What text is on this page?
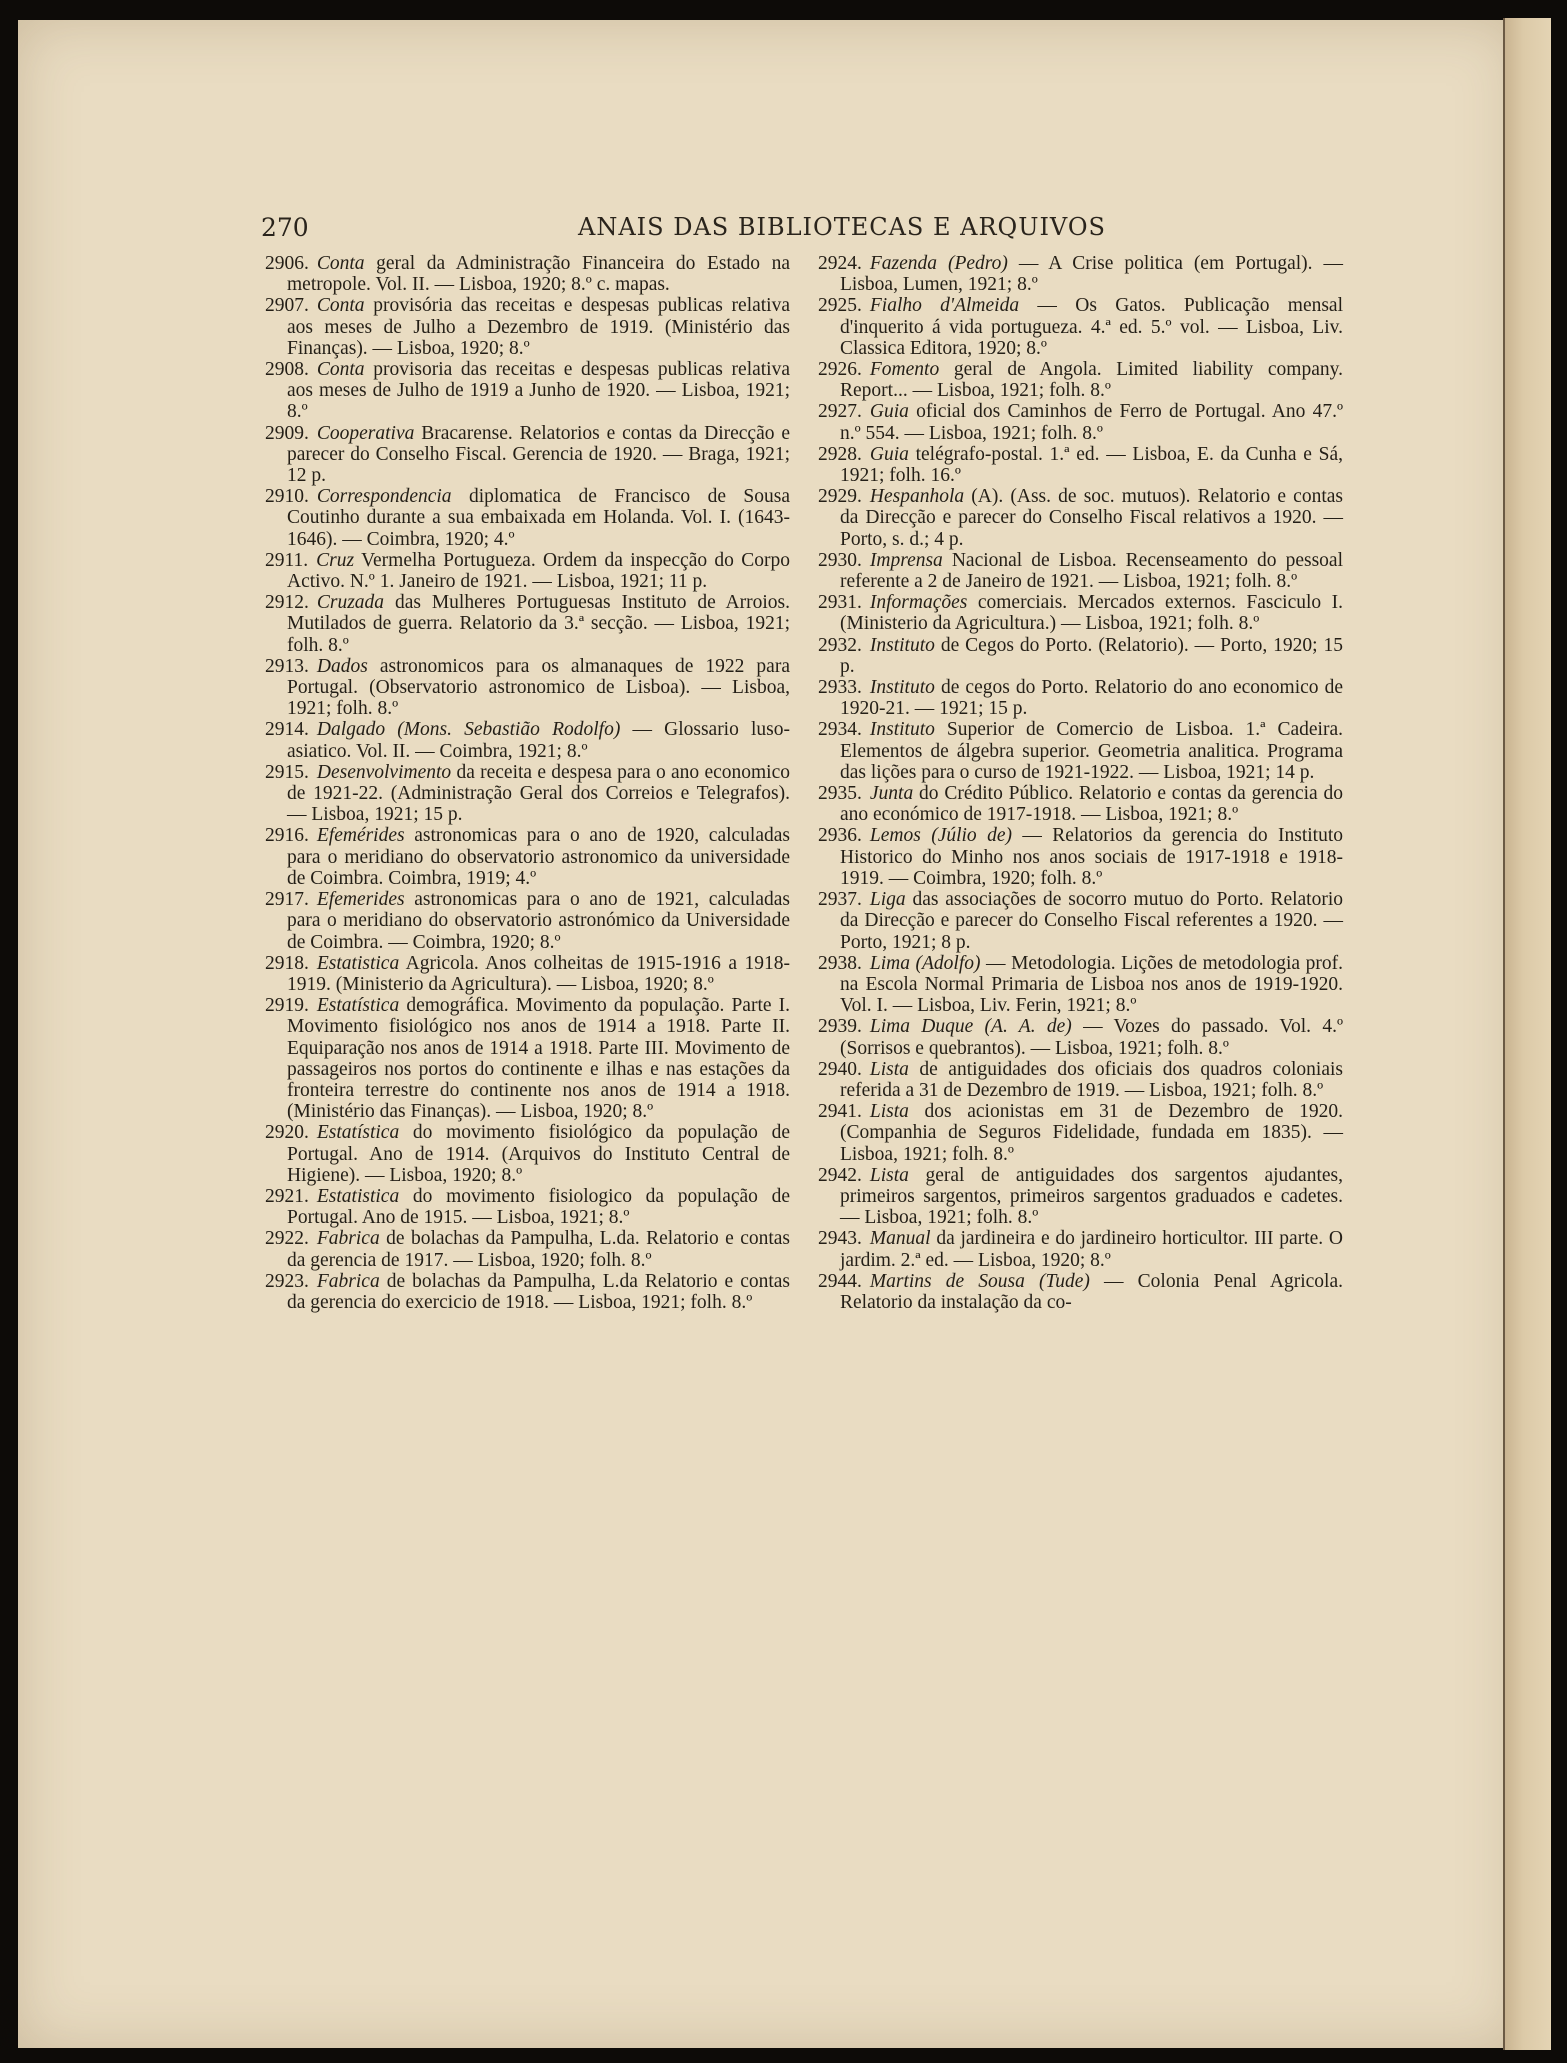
270	ANAIS DAS BIBLIOTECAS E ARQUIVOS

2906. Conta geral da Administração Financeira do Estado na metropole. Vol. II. — Lisboa, 1920; 8.º c. mapas.

2907. Conta provisória das receitas e despesas publicas relativa aos meses de Julho a Dezembro de 1919. (Ministério das Finanças). — Lisboa, 1920; 8.º

2908. Conta provisoria das receitas e despesas publicas relativa aos meses de Julho de 1919 a Junho de 1920. — Lisboa, 1921; 8.º

2909. Cooperativa Bracarense. Relatorios e contas da Direcção e parecer do Conselho Fiscal. Gerencia de 1920. — Braga, 1921; 12 p.

2910. Correspondencia diplomatica de Francisco de Sousa Coutinho durante a sua embaixada em Holanda. Vol. I. (1643-1646). — Coimbra, 1920; 4.º

2911. Cruz Vermelha Portugueza. Ordem da inspecção do Corpo Activo. N.º 1. Janeiro de 1921. — Lisboa, 1921; 11 p.

2912. Cruzada das Mulheres Portuguesas Instituto de Arroios. Mutilados de guerra. Relatorio da 3.ª secção. — Lisboa, 1921; folh. 8.º

2913. Dados astronomicos para os almanaques de 1922 para Portugal. (Observatorio astronomico de Lisboa). — Lisboa, 1921; folh. 8.º

2914. Dalgado (Mons. Sebastião Rodolfo) — Glossario luso-asiatico. Vol. II. — Coimbra, 1921; 8.º

2915. Desenvolvimento da receita e despesa para o ano economico de 1921-22. (Administração Geral dos Correios e Telegrafos). — Lisboa, 1921; 15 p.

2916. Efemérides astronomicas para o ano de 1920, calculadas para o meridiano do observatorio astronomico da universidade de Coimbra. Coimbra, 1919; 4.º

2917. Efemerides astronomicas para o ano de 1921, calculadas para o meridiano do observatorio astronómico da Universidade de Coimbra. — Coimbra, 1920; 8.º

2918. Estatistica Agricola. Anos colheitas de 1915-1916 a 1918-1919. (Ministerio da Agricultura). — Lisboa, 1920; 8.º

2919. Estatística demográfica. Movimento da população. Parte I. Movimento fisiológico nos anos de 1914 a 1918. Parte II. Equiparação nos anos de 1914 a 1918. Parte III. Movimento de passageiros nos portos do continente e ilhas e nas estações da fronteira terrestre do continente nos anos de 1914 a 1918. (Ministério das Finanças). — Lisboa, 1920; 8.º

2920. Estatística do movimento fisiológico da população de Portugal. Ano de 1914. (Arquivos do Instituto Central de Higiene). — Lisboa, 1920; 8.º

2921. Estatistica do movimento fisiologico da população de Portugal. Ano de 1915. — Lisboa, 1921; 8.º

2922. Fabrica de bolachas da Pampulha, L.da. Relatorio e contas da gerencia de 1917. — Lisboa, 1920; folh. 8.º

2923. Fabrica de bolachas da Pampulha, L.da Relatorio e contas da gerencia do exercicio de 1918. — Lisboa, 1921; folh. 8.º

2924. Fazenda (Pedro) — A Crise politica (em Portugal). — Lisboa, Lumen, 1921; 8.º

2925. Fialho d'Almeida — Os Gatos. Publicação mensal d'inquerito á vida portugueza. 4.ª ed. 5.º vol. — Lisboa, Liv. Classica Editora, 1920; 8.º

2926. Fomento geral de Angola. Limited liability company. Report... — Lisboa, 1921; folh. 8.º

2927. Guia oficial dos Caminhos de Ferro de Portugal. Ano 47.º n.º 554. — Lisboa, 1921; folh. 8.º

2928. Guia telégrafo-postal. 1.ª ed. — Lisboa, E. da Cunha e Sá, 1921; folh. 16.º

2929. Hespanhola (A). (Ass. de soc. mutuos). Relatorio e contas da Direcção e parecer do Conselho Fiscal relativos a 1920. — Porto, s. d.; 4 p.

2930. Imprensa Nacional de Lisboa. Recenseamento do pessoal referente a 2 de Janeiro de 1921. — Lisboa, 1921; folh. 8.º

2931. Informações comerciais. Mercados externos. Fasciculo I. (Ministerio da Agricultura.) — Lisboa, 1921; folh. 8.º

2932. Instituto de Cegos do Porto. (Relatorio). — Porto, 1920; 15 p.

2933. Instituto de cegos do Porto. Relatorio do ano economico de 1920-21. — 1921; 15 p.

2934. Instituto Superior de Comercio de Lisboa. 1.ª Cadeira. Elementos de álgebra superior. Geometria analitica. Programa das lições para o curso de 1921-1922. — Lisboa, 1921; 14 p.

2935. Junta do Crédito Público. Relatorio e contas da gerencia do ano económico de 1917-1918. — Lisboa, 1921; 8.º

2936. Lemos (Júlio de) — Relatorios da gerencia do Instituto Historico do Minho nos anos sociais de 1917-1918 e 1918-1919. — Coimbra, 1920; folh. 8.º

2937. Liga das associações de socorro mutuo do Porto. Relatorio da Direcção e parecer do Conselho Fiscal referentes a 1920. — Porto, 1921; 8 p.

2938. Lima (Adolfo) — Metodologia. Lições de metodologia prof. na Escola Normal Primaria de Lisboa nos anos de 1919-1920. Vol. I. — Lisboa, Liv. Ferin, 1921; 8.º

2939. Lima Duque (A. A. de) — Vozes do passado. Vol. 4.º (Sorrisos e quebrantos). — Lisboa, 1921; folh. 8.º

2940. Lista de antiguidades dos oficiais dos quadros coloniais referida a 31 de Dezembro de 1919. — Lisboa, 1921; folh. 8.º

2941. Lista dos acionistas em 31 de Dezembro de 1920. (Companhia de Seguros Fidelidade, fundada em 1835). — Lisboa, 1921; folh. 8.º

2942. Lista geral de antiguidades dos sargentos ajudantes, primeiros sargentos, primeiros sargentos graduados e cadetes. — Lisboa, 1921; folh. 8.º

2943. Manual da jardineira e do jardineiro horticultor. III parte. O jardim. 2.ª ed. — Lisboa, 1920; 8.º

2944. Martins de Sousa (Tude) — Colonia Penal Agricola. Relatorio da instalação da co-
